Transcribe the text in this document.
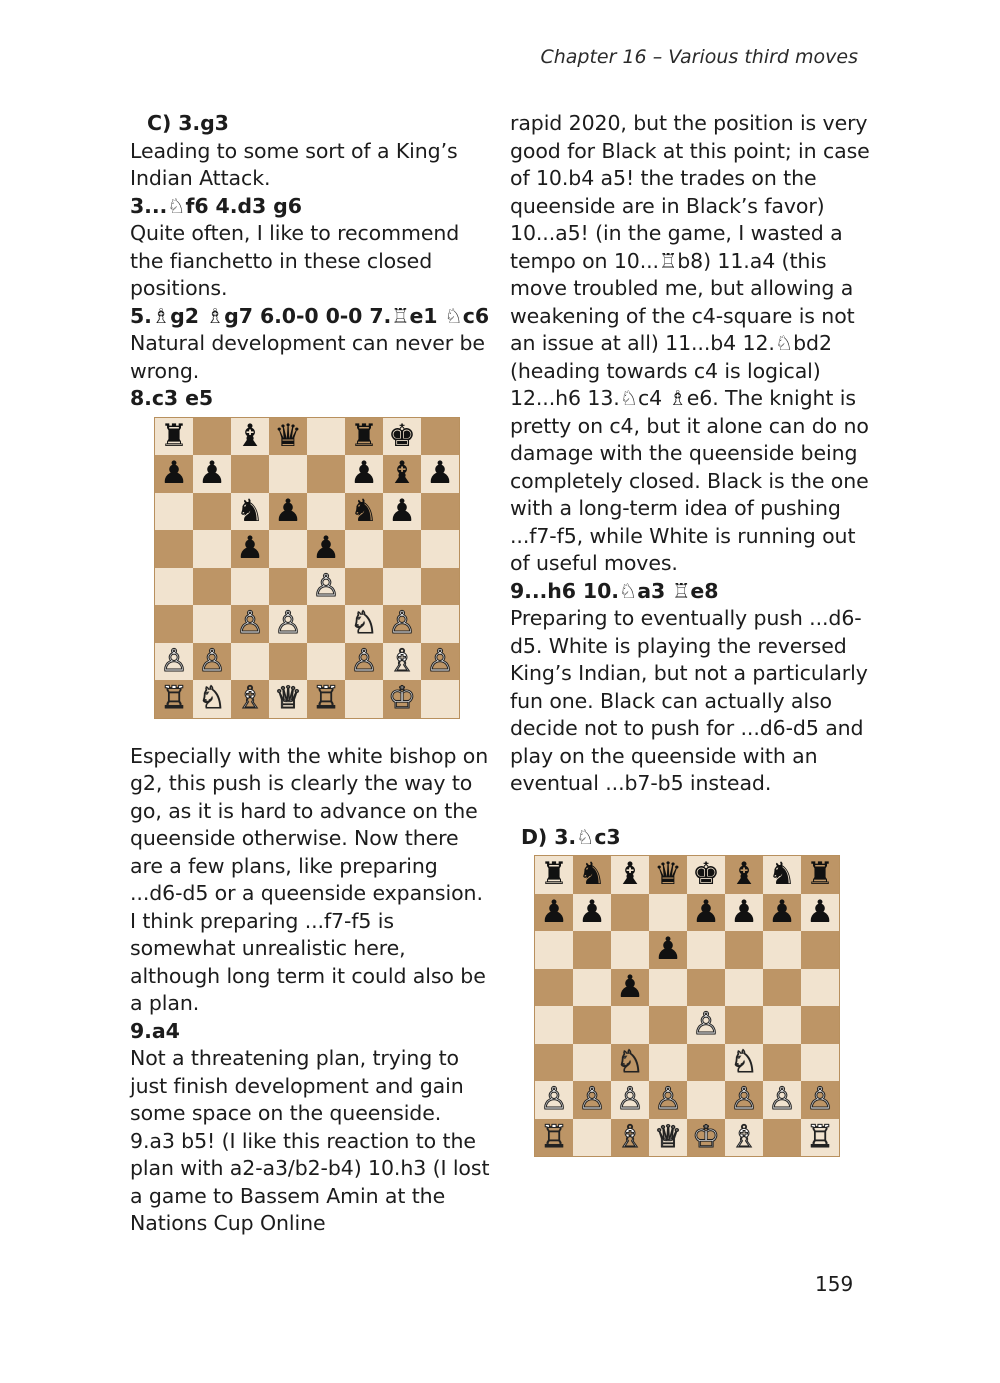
Chapter 16 – Various third moves
C) 3.g3

Leading to some sort of a King’s Indian Attack.

3...♘f6 4.d3 g6

Quite often, I like to recommend the fianchetto in these closed positions.

5.♗g2 ♗g7 6.0-0 0-0 7.♖e1 ♘c6

Natural development can never be wrong.

8.c3 e5
♜ ♝ ♛ ♜ ♚
♟ ♟	♟ ♝ ♟
♞ ♟ ♞ ♟
♟ ♟
♙
♙ ♙ ♘ ♙
♙ ♙	♙ ♗ ♙
♖ ♘ ♗ ♕ ♖ ♔

Especially with the white bishop on g2, this push is clearly the way to go, as it is hard to advance on the queenside otherwise. Now there are a few plans, like preparing ...d6-d5 or a queenside expansion. I think preparing ...f7-f5 is somewhat unrealistic here, although long term it could also be a plan.

9.a4

Not a threatening plan, trying to just finish development and gain some space on the queenside. 9.a3 b5! (I like this reaction to the plan with a2-a3/b2-b4) 10.h3 (I lost a game to Bassem Amin at the Nations Cup Online

rapid 2020, but the position is very good for Black at this point; in case of 10.b4 a5! the trades on the queenside are in Black’s favor) 10...a5! (in the game, I wasted a tempo on 10...♖b8) 11.a4 (this move troubled me, but allowing a weakening of the c4-square is not an issue at all) 11...b4 12.♘bd2 (heading towards c4 is logical) 12...h6 13.♘c4 ♗e6. The knight is pretty on c4, but it alone can do no damage with the queenside being completely closed. Black is the one with a long-term idea of pushing ...f7-f5, while White is running out of useful moves.

9...h6 10.♘a3 ♖e8

Preparing to eventually push ...d6-d5. White is playing the reversed King’s Indian, but not a particularly fun one. Black can actually also decide not to push for ...d6-d5 and play on the queenside with an eventual ...b7-b5 instead.

D) 3.♘c3
♜ ♞ ♝ ♛ ♚ ♝ ♞ ♜
♟ ♟	♟ ♟ ♟ ♟
♟
♟
♙
♘	♘
♙ ♙ ♙ ♙ ♙ ♙ ♙
♖ ♗ ♕ ♔ ♗ ♖
159
